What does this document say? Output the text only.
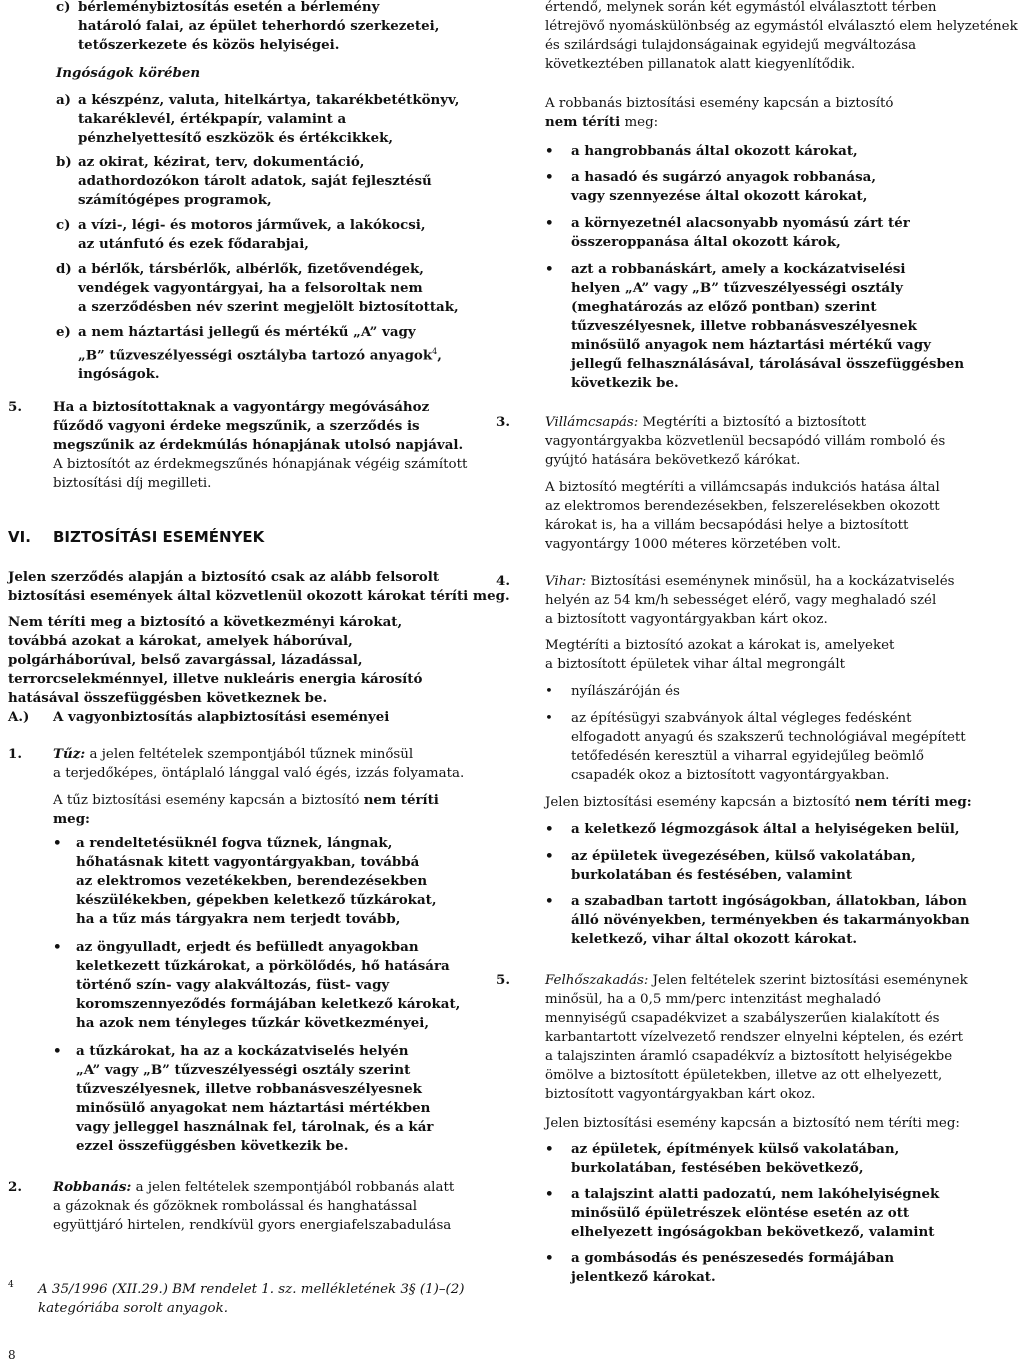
c) bérleménybiztosítás esetén a bérlemény
határoló falai, az épület teherhordó szerkezetei,
tetőszerkezete és közös helyiségei.
Ingóságok körében
a) a készpénz, valuta, hitelkártya, takarékbetétkönyv,
takaréklevél, értékpapír, valamint a
pénzhelyettesítő eszközök és értékcikkek,
b) az okirat, kézirat, terv, dokumentáció,
adathordozókon tárolt adatok, saját fejlesztésű
számítógépes programok,
c) a vízi-, légi- és motoros járművek, a lakókocsi,
az utánfutó és ezek fődarabjai,
d) a bérlők, társbérlők, albérlők, fizetővendégek,
vendégek vagyontárgyai, ha a felsoroltak nem
a szerződésben név szerint megjelölt biztosítottak,
e) a nem háztartási jellegű és mértékű „A” vagy
„B” tűzveszélyességi osztályba tartozó anyagok$^4$,
ingóságok.
5. Ha a biztosítottaknak a vagyontárgy megóvásához
fűződő vagyoni érdeke megszűnik, a szerződés is
megszűnik az érdekmúlás hónapjának utolsó napjával.
A biztosítót az érdekmegszűnés hónapjának végéig számított
biztosítási díj megilleti.
VI. BIZTOSÍTÁSI ESEMÉNYEK
Jelen szerződés alapján a biztosító csak az alább felsorolt
biztosítási események által közvetlenül okozott károkat téríti meg.
Nem téríti meg a biztosító a következményi károkat,
továbbá azokat a károkat, amelyek háborúval,
polgárháborúval, belső zavargással, lázadással,
terrorcselekménnyel, illetve nukleáris energia károsító
hatásával összefüggésben következnek be.
A.) A vagyonbiztosítás alapbiztosítási eseményei
1. Tűz: a jelen feltételek szempontjából tűznek minősül
a terjedőképes, öntáplaló lánggal való égés, izzás folyamata.
A tűz biztosítási esemény kapcsán a biztosító nem téríti
meg:
• a rendeltetésüknél fogva tűznek, lángnak,
hőhatásnak kitett vagyontárgyakban, továbbá
az elektromos vezetékekben, berendezésekben
készülékekben, gépekben keletkező tűzkárokat,
ha a tűz más tárgyakra nem terjedt tovább,
• az öngyulladt, erjedt és befülledt anyagokban
keletkezett tűzkárokat, a pörkölődés, hő hatására
történő szín- vagy alakváltozás, füst- vagy
koromszennyeződés formájában keletkező károkat,
ha azok nem tényleges tűzkár következményei,
• a tűzkárokat, ha az a kockázatviselés helyén
„A” vagy „B” tűzveszélyességi osztály szerint
tűzveszélyesnek, illetve robbanásveszélyesnek
minősülő anyagokat nem háztartási mértékben
vagy jelleggel használnak fel, tárolnak, és a kár
ezzel összefüggésben következik be.
2. Robbanás: a jelen feltételek szempontjából robbanás alatt
a gázoknak és gőzöknek rombolással és hanghatással
együttjáró hirtelen, rendkívül gyors energiafelszabadulása
4 A 35/1996 (XII.29.) BM rendelet 1. sz. mellékletének 3§ (1)–(2)
kategóriába sorolt anyagok.
8
értendő, melynek során két egymástól elválasztott térben
létrejövő nyomáskülönbség az egymástól elválasztó elem helyzetének
és szilárdsági tulajdonságainak egyidejű megváltozása
következtében pillanatok alatt kiegyenlítődik.
A robbanás biztosítási esemény kapcsán a biztosító
nem téríti meg:
• a hangrobbanás által okozott károkat,
• a hasadó és sugárzó anyagok robbanása,
vagy szennyezése által okozott károkat,
• a környezetnél alacsonyabb nyomású zárt tér
összeroppanása által okozott károk,
• azt a robbanáskárt, amely a kockázatviselési
helyen „A” vagy „B” tűzveszélyességi osztály
(meghatározás az előző pontban) szerint
tűzveszélyesnek, illetve robbanásveszélyesnek
minősülő anyagok nem háztartási mértékű vagy
jellegű felhasználásával, tárolásával összefüggésben
következik be.
3.	Villámcsapás: Megtéríti a biztosító a biztosított
vagyontárgyakba közvetlenül becsapódó villám romboló és
gyújtó hatására bekövetkező kárókat.
A biztosító megtéríti a villámcsapás indukciós hatása által
az elektromos berendezésekben, felszerelésekben okozott
károkat is, ha a villám becsapódási helye a biztosított
vagyontárgy 1000 méteres körzetében volt.
4.	Vihar: Biztosítási eseménynek minősül, ha a kockázatviselés
helyén az 54 km/h sebességet elérő, vagy meghaladó szél
a biztosított vagyontárgyakban kárt okoz.
Megtéríti a biztosító azokat a károkat is, amelyeket
a biztosított épületek vihar által megrongált
• nyílászáróján és
• az építésügyi szabványok által végleges fedésként
elfogadott anyagú és szakszerű technológiával megépített
tetőfedésén keresztül a viharral egyidejűleg beömlő
csapadék okoz a biztosított vagyontárgyakban.
Jelen biztosítási esemény kapcsán a biztosító nem téríti meg:
• a keletkező légmozgások által a helyiségeken belül,
• az épületek üvegezésében, külső vakolatában,
burkolatában és festésében, valamint
• a szabadban tartott ingóságokban, állatokban, lábon
álló növényekben, terményekben és takarmányokban
keletkező, vihar által okozott károkat.
5.	Felhőszakadás: Jelen feltételek szerint biztosítási eseménynek
minősül, ha a 0,5 mm/perc intenzitást meghaladó
mennyiségű csapadékvizet a szabályszerűen kialakított és
karbantartott vízelvezető rendszer elnyelni képtelen, és ezért
a talajszinten áramló csapadékvíz a biztosított helyiségekbe
ömölve a biztosított épületekben, illetve az ott elhelyezett,
biztosított vagyontárgyakban kárt okoz.
Jelen biztosítási esemény kapcsán a biztosító nem téríti meg:
• az épületek, építmények külső vakolatában,
burkolatában, festésében bekövetkező,
• a talajszint alatti padozatú, nem lakóhelyiségnek
minősülő épületrészek elöntése esetén az ott
elhelyezett ingóságokban bekövetkező, valamint
• a gombásodás és penészesedés formájában
jelentkező károkat.
